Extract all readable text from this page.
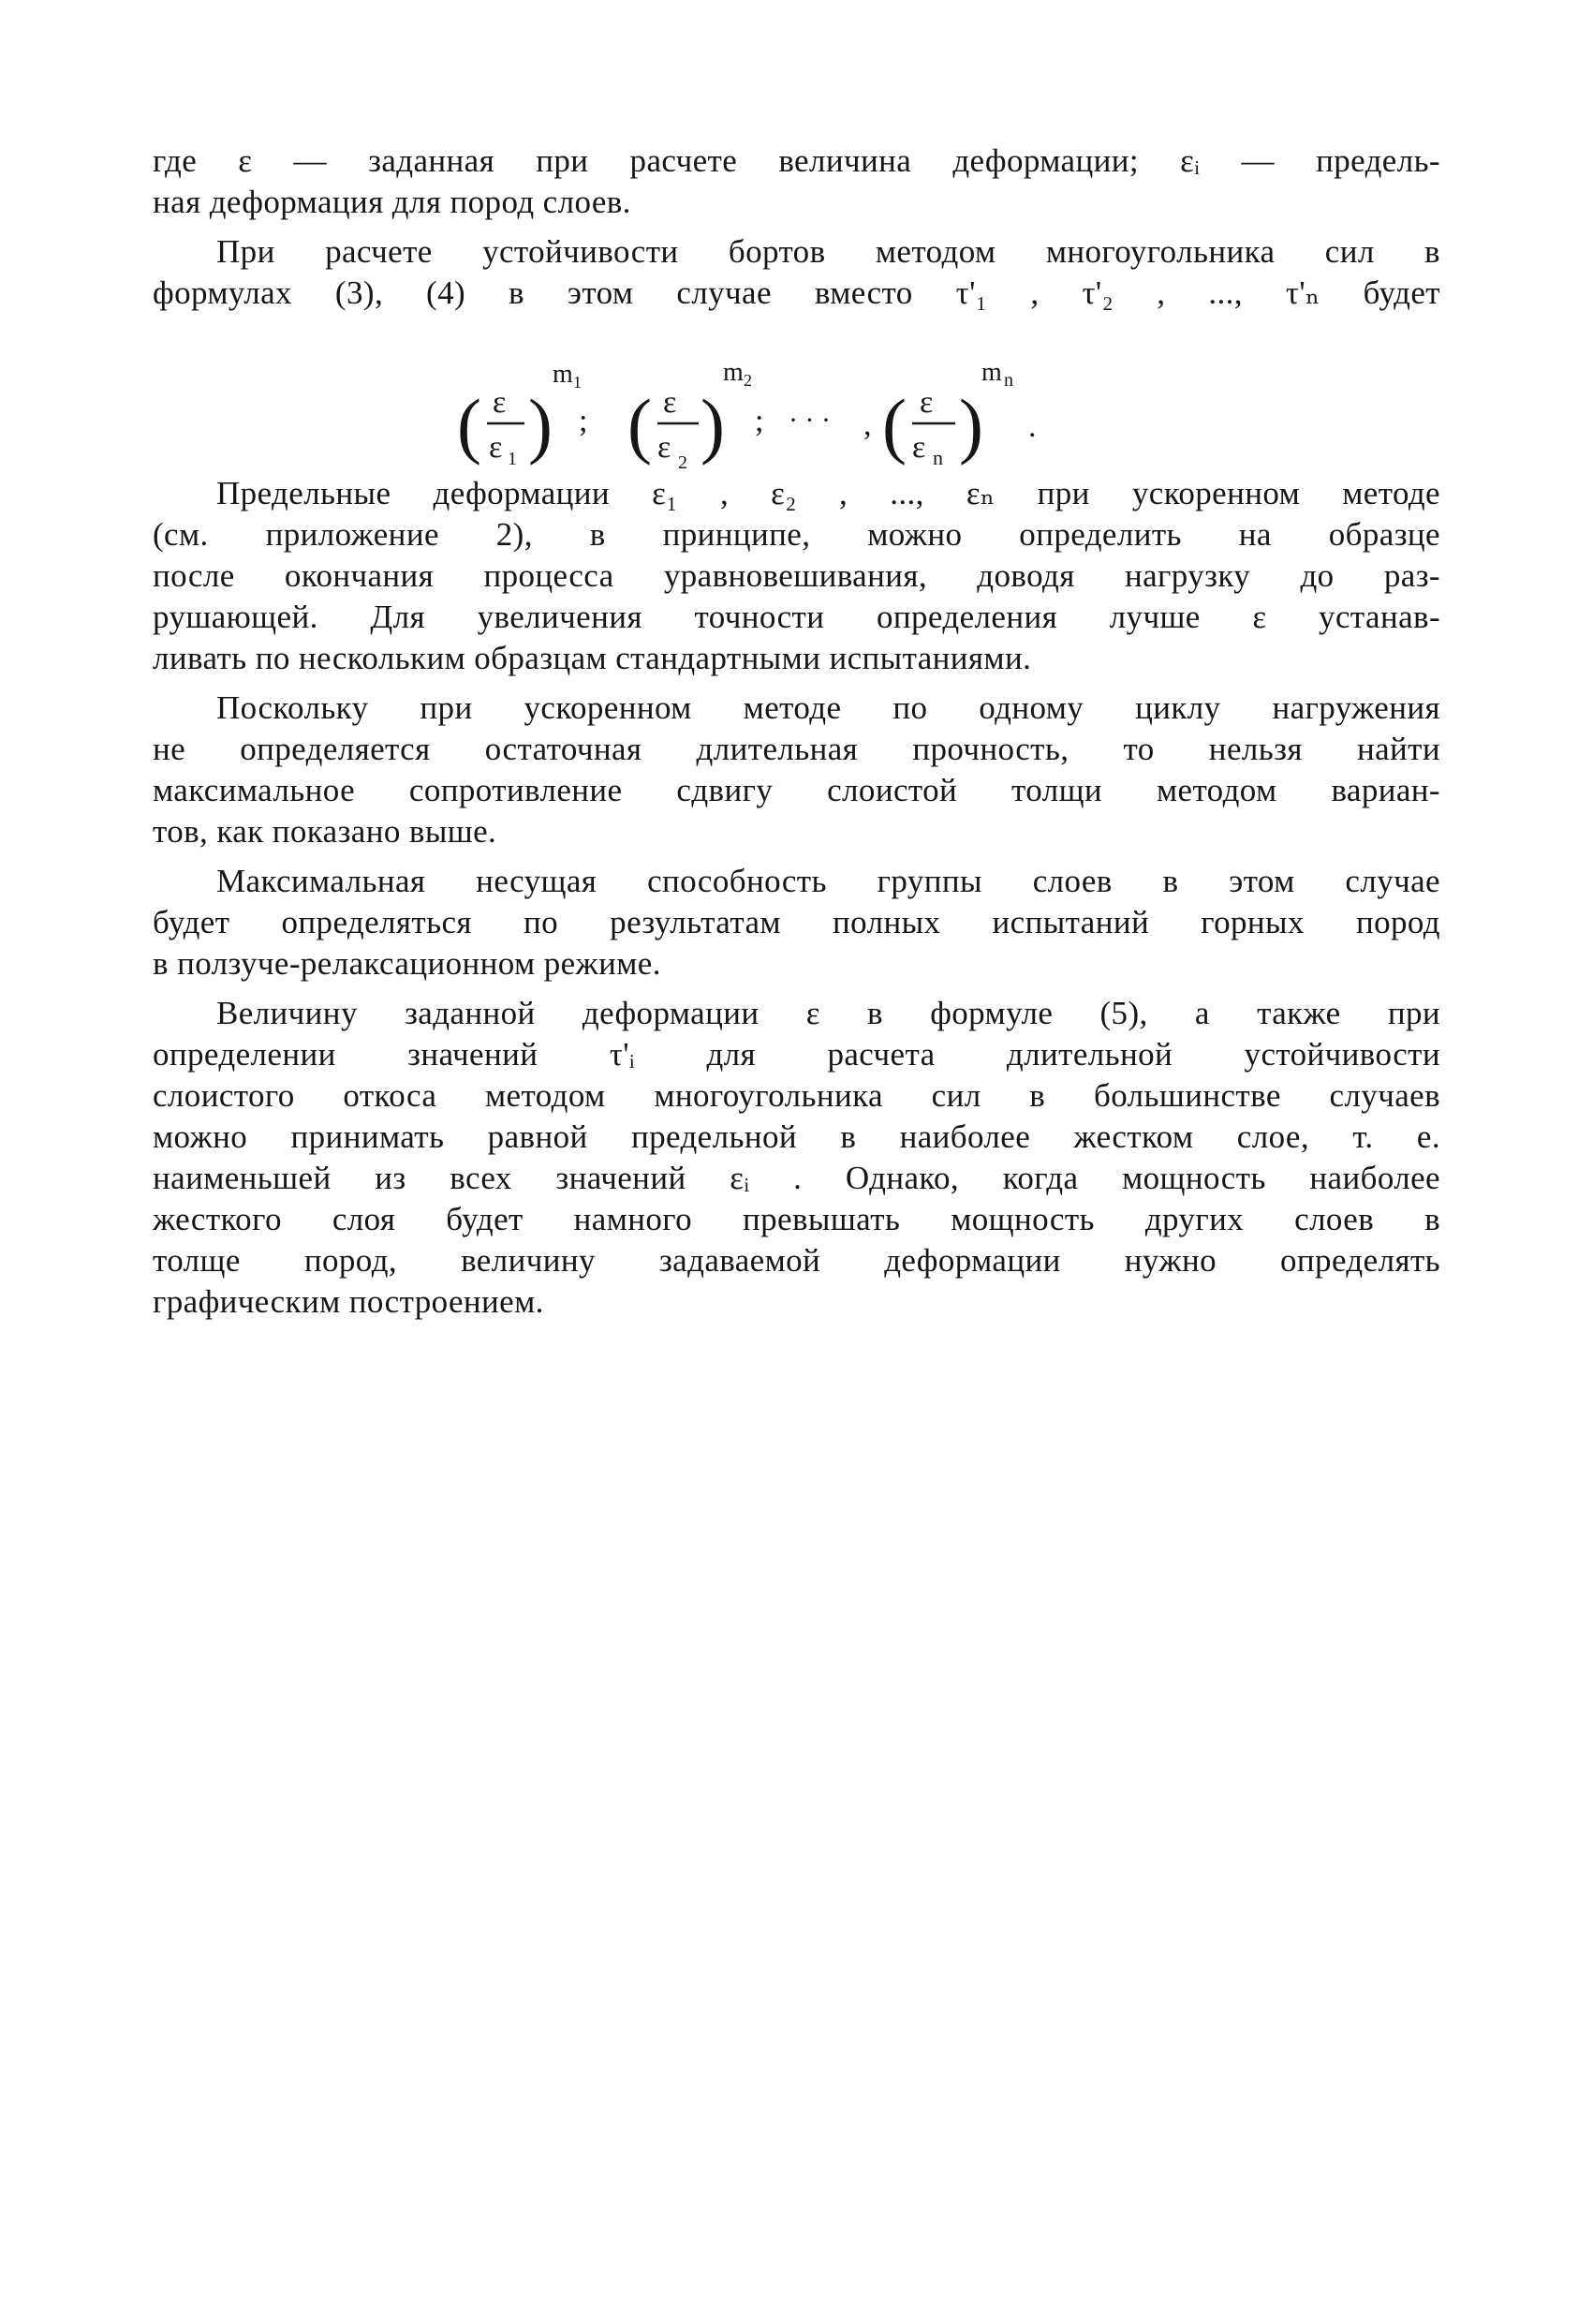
где ε — заданная при расчете величина деформации; εᵢ — предель-
ная деформация для пород слоев.
При расчете устойчивости бортов методом многоугольника сил в
формулах (3), (4) в этом случае вместо τ'₁ , τ'₂ , ..., τ'ₙ будет
Предельные деформации ε₁ , ε₂ , ..., εₙ при ускоренном методе
(см. приложение 2), в принципе, можно определить на образце
после окончания процесса уравновешивания, доводя нагрузку до раз-
рушающей. Для увеличения точности определения лучше ε устанав-
ливать по нескольким образцам стандартными испытаниями.
Поскольку при ускоренном методе по одному циклу нагружения
не определяется остаточная длительная прочность, то нельзя найти
максимальное сопротивление сдвигу слоистой толщи методом вариан-
тов, как показано выше.
Максимальная несущая способность группы слоев в этом случае
будет определяться по результатам полных испытаний горных пород
в ползуче-релаксационном режиме.
Величину заданной деформации ε в формуле (5), а также при
определении значений τ'ᵢ для расчета длительной устойчивости
слоистого откоса методом многоугольника сил в большинстве случаев
можно принимать равной предельной в наиболее жестком слое, т. е.
наименьшей из всех значений εᵢ . Однако, когда мощность наиболее
жесткого слоя будет намного превышать мощность других слоев в
толще пород, величину задаваемой деформации нужно определять
графическим построением.
( ε
ε 1 )
m 1
; ( ε
ε 2 )
m 2
; · · · , ( ε
ε n )
m n
.
